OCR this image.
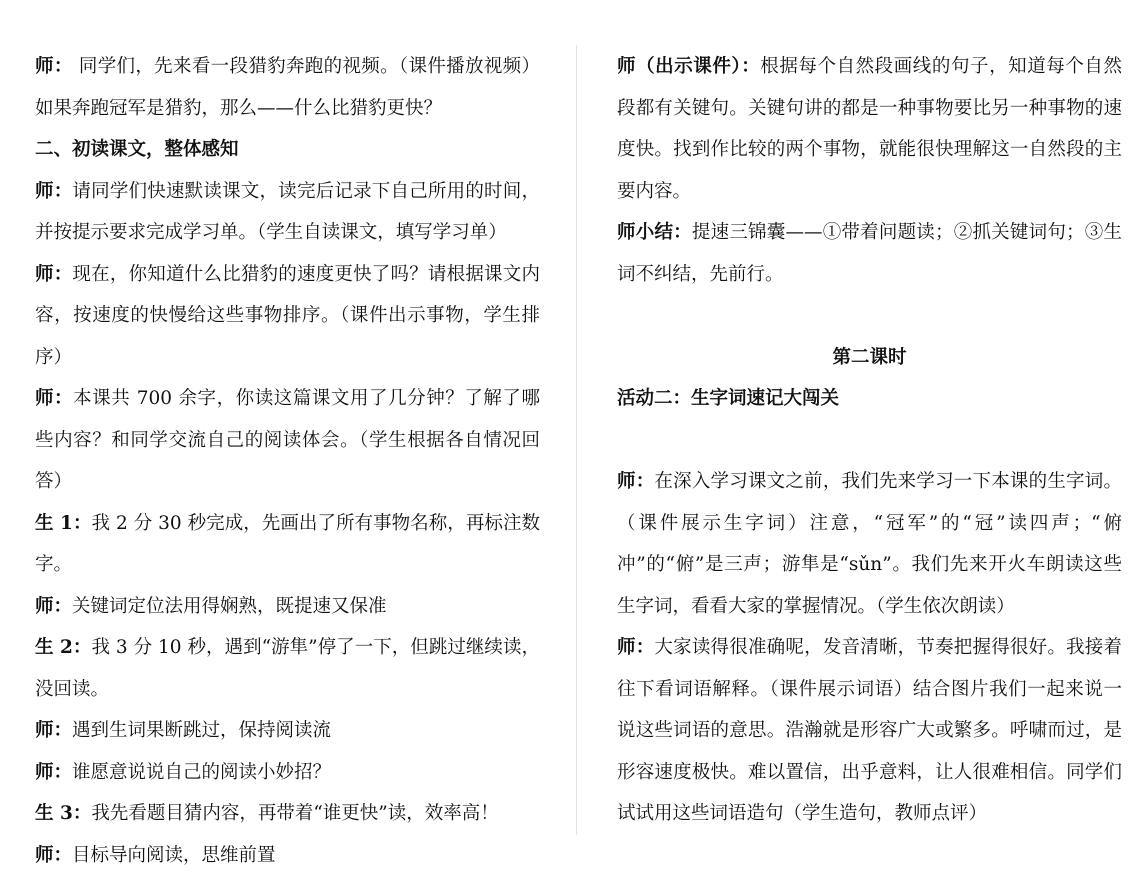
师： 同学们，先来看一段猎豹奔跑的视频。（课件播放视频）如果奔跑冠军是猎豹，那么——什么比猎豹更快？

二、初读课文，整体感知

师：请同学们快速默读课文，读完后记录下自己所用的时间，并按提示要求完成学习单。（学生自读课文，填写学习单）

师：现在，你知道什么比猎豹的速度更快了吗？请根据课文内容，按速度的快慢给这些事物排序。（课件出示事物，学生排序）

师：本课共 700 余字，你读这篇课文用了几分钟？了解了哪些内容？和同学交流自己的阅读体会。（学生根据各自情况回答）

生 1：我 2 分 30 秒完成，先画出了所有事物名称，再标注数字。

师：关键词定位法用得娴熟，既提速又保准

生 2：我 3 分 10 秒，遇到“游隼”停了一下，但跳过继续读，没回读。

师：遇到生词果断跳过，保持阅读流

师：谁愿意说说自己的阅读小妙招？

生 3：我先看题目猜内容，再带着“谁更快”读，效率高！

师：目标导向阅读，思维前置

师（出示课件）：根据每个自然段画线的句子，知道每个自然段都有关键句。关键句讲的都是一种事物要比另一种事物的速度快。找到作比较的两个事物，就能很快理解这一自然段的主要内容。

师小结：提速三锦囊——①带着问题读；②抓关键词句；③生词不纠结，先前行。

第二课时

活动二：生字词速记大闯关

师：在深入学习课文之前，我们先来学习一下本课的生字词。（课件展示生字词）注意，“冠军”的“冠”读四声；“俯冲”的“俯”是三声；游隼是“sǔn”。我们先来开火车朗读这些生字词，看看大家的掌握情况。（学生依次朗读）

师：大家读得很准确呢，发音清晰，节奏把握得很好。我接着往下看词语解释。（课件展示词语）结合图片我们一起来说一说这些词语的意思。浩瀚就是形容广大或繁多。呼啸而过，是形容速度极快。难以置信，出乎意料，让人很难相信。同学们试试用这些词语造句（学生造句，教师点评）
